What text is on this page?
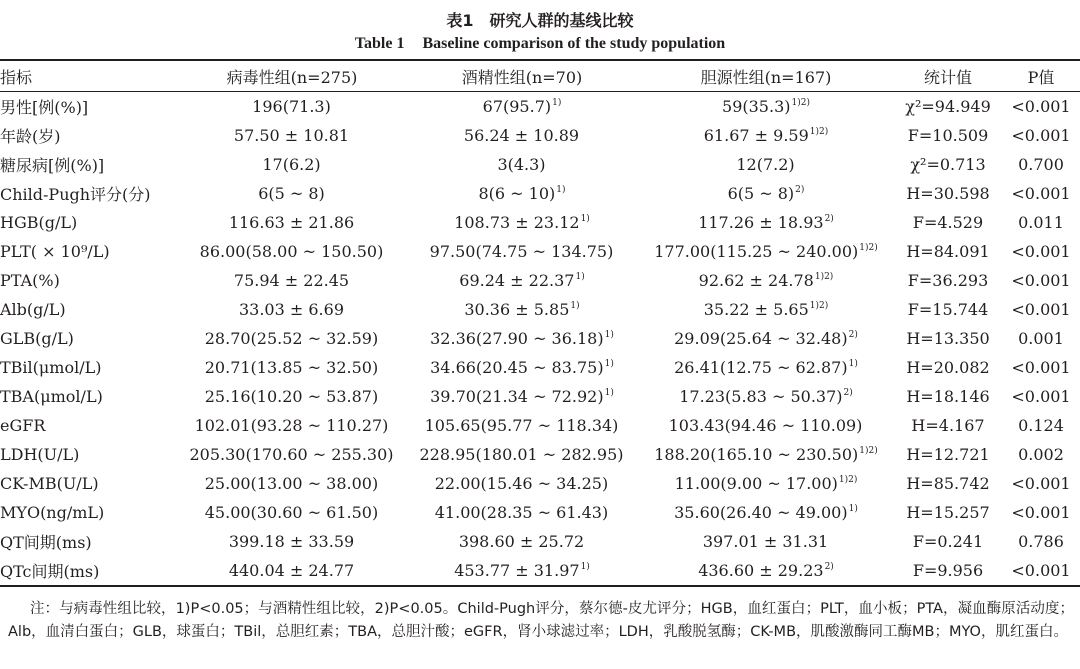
表1　研究人群的基线比较
Table 1 Baseline comparison of the study population
指标	病毒性组(n=275)	酒精性组(n=70)	胆源性组(n=167)	统计值	P值
男性[例(%)]	196(71.3)	$67(95.7)^{1)}$	$59(35.3)^{1)2)}$	χ²=94.949	<0.001
年龄(岁)	57.50 ± 10.81	56.24 ± 10.89	$61.67 \pm 9.59^{1)2)}$	F=10.509	<0.001
糖尿病[例(%)]	17(6.2)	3(4.3)	12(7.2)	χ²=0.713	0.700
Child-Pugh评分(分)	6(5 ~ 8)	8(6 ~ 10)$^{1)}$	6(5 ~ 8)$^{2)}$	H=30.598	<0.001
HGB(g/L)	116.63 ± 21.86	$108.73 \pm 23.12^{1)}$	$117.26 \pm 18.93^{2)}$	F=4.529	0.011
PLT( × 10⁹/L)	86.00(58.00 ~ 150.50)	97.50(74.75 ~ 134.75)	177.00(115.25 ~ 240.00)$^{1)2)}$	H=84.091	<0.001
PTA(%)	75.94 ± 22.45	$69.24 \pm 22.37^{1)}$	$92.62 \pm 24.78^{1)2)}$	F=36.293	<0.001
Alb(g/L)	33.03 ± 6.69	$30.36 \pm 5.85^{1)}$	$35.22 \pm 5.65^{1)2)}$	F=15.744	<0.001
GLB(g/L)	28.70(25.52 ~ 32.59)	32.36(27.90 ~ 36.18)$^{1)}$	29.09(25.64 ~ 32.48)$^{2)}$	H=13.350	0.001
TBil(μmol/L)	20.71(13.85 ~ 32.50)	34.66(20.45 ~ 83.75)$^{1)}$	26.41(12.75 ~ 62.87)$^{1)}$	H=20.082	<0.001
TBA(μmol/L)	25.16(10.20 ~ 53.87)	39.70(21.34 ~ 72.92)$^{1)}$	17.23(5.83 ~ 50.37)$^{2)}$	H=18.146	<0.001
eGFR	102.01(93.28 ~ 110.27)	105.65(95.77 ~ 118.34)	103.43(94.46 ~ 110.09)	H=4.167	0.124
LDH(U/L)	205.30(170.60 ~ 255.30)	228.95(180.01 ~ 282.95)	188.20(165.10 ~ 230.50)$^{1)2)}$	H=12.721	0.002
CK-MB(U/L)	25.00(13.00 ~ 38.00)	22.00(15.46 ~ 34.25)	11.00(9.00 ~ 17.00)$^{1)2)}$	H=85.742	<0.001
MYO(ng/mL)	45.00(30.60 ~ 61.50)	41.00(28.35 ~ 61.43)	35.60(26.40 ~ 49.00)$^{1)}$	H=15.257	<0.001
QT间期(ms)	399.18 ± 33.59	398.60 ± 25.72	397.01 ± 31.31	F=0.241	0.786
QTc间期(ms)	440.04 ± 24.77	$453.77 \pm 31.97^{1)}$	$436.60 \pm 29.23^{2)}$	F=9.956	<0.001
注：与病毒性组比较，1)P<0.05；与酒精性组比较，2)P<0.05。Child-Pugh评分，蔡尔德-皮尤评分；HGB，血红蛋白；PLT，血小板；PTA，凝血酶原活动度；Alb，血清白蛋白；GLB，球蛋白；TBil，总胆红素；TBA，总胆汁酸；eGFR，肾小球滤过率；LDH，乳酸脱氢酶；CK-MB，肌酸激酶同工酶MB；MYO，肌红蛋白。
